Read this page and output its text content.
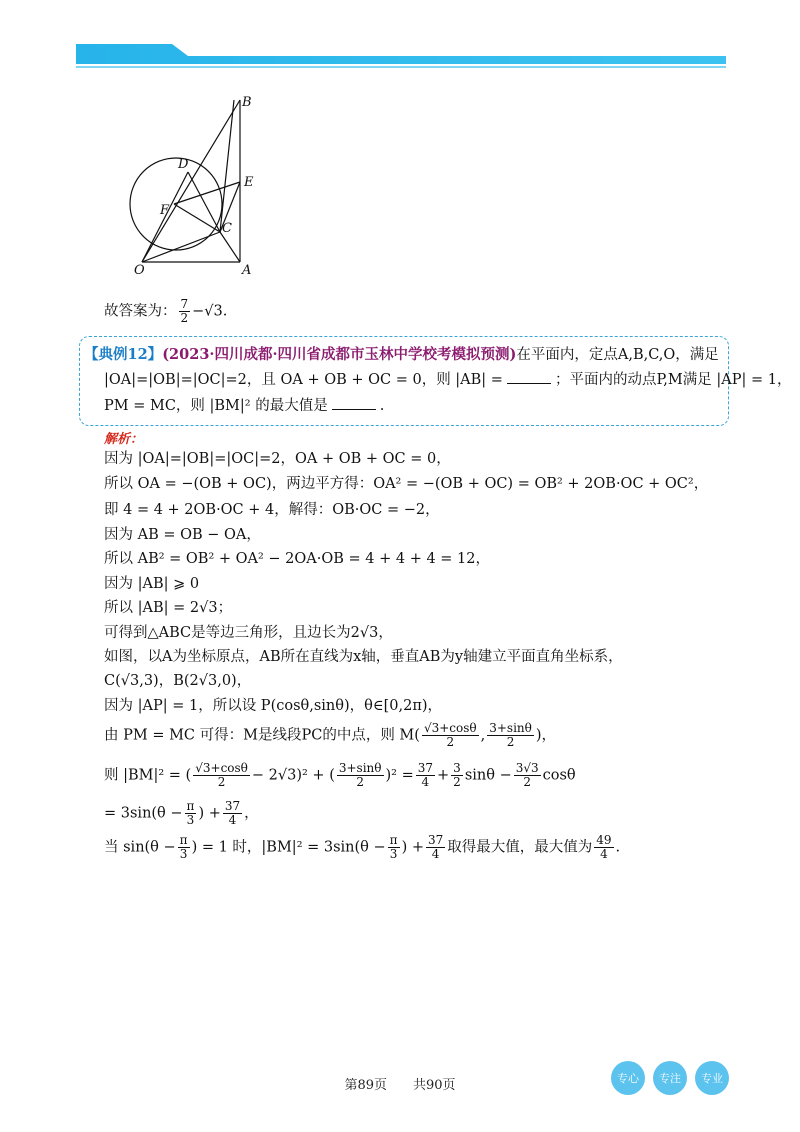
B
D
E
F
C
O	A
故答案为： $\frac{7}{2} -√3$.
【典例12】(2023·四川成都·四川省成都市玉林中学校考模拟预测)在平面内，定点A,B,C,O，满足
|OA|=|OB|=|OC|=2，且 OA + OB + OC = 0，则 |AB| =	；平面内的动点P,M满足 |AP| = 1，
PM = MC，则 |BM|² 的最大值是	.
解析：
因为 |OA|=|OB|=|OC|=2，OA + OB + OC = 0，
所以 OA = −(OB + OC)，两边平方得：OA² = −(OB + OC) = OB² + 2OB·OC + OC²，
即 4 = 4 + 2OB·OC + 4，解得：OB·OC = −2，
因为 AB = OB − OA，
所以 AB² = OB² + OA² − 2OA·OB = 4 + 4 + 4 = 12，
因为 |AB| ⩾ 0
所以 |AB| = 2√3；
可得到△ABC是等边三角形，且边长为2√3，
如图，以A为坐标原点，AB所在直线为x轴，垂直AB为y轴建立平面直角坐标系，
C(√3,3)，B(2√3,0)，
因为 |AP| = 1，所以设 P(cosθ,sinθ)，θ∈[0,2π)，
由 PM = MC 可得：M是线段PC的中点，则 $M( \frac{√3+\cos\theta}{2}$ , $\frac{3+\sin\theta}{2}$ )，
则 |BM|² = ( $\frac{√3+\cos\theta}{2} - 2√3)^2$ + ( $\frac{3+\sin\theta}{2} )^2 = \frac{37}{4} + \frac{3}{2}$ $\sin\theta - \frac{3√3}{2}$ cosθ
= $3\sin(\theta - \frac{\pi}{3}$ ) + $\frac{37}{4}$ ，
当 $\sin(\theta - \frac{\pi}{3}$ ) = 1 时，$|BM|^2 = 3\sin(\theta - \frac{\pi}{3}$ ) + $\frac{37}{4}$ 取得最大值，最大值为 $\frac{49}{4}$ .
第89页　　共90页	专心 专注 专业
